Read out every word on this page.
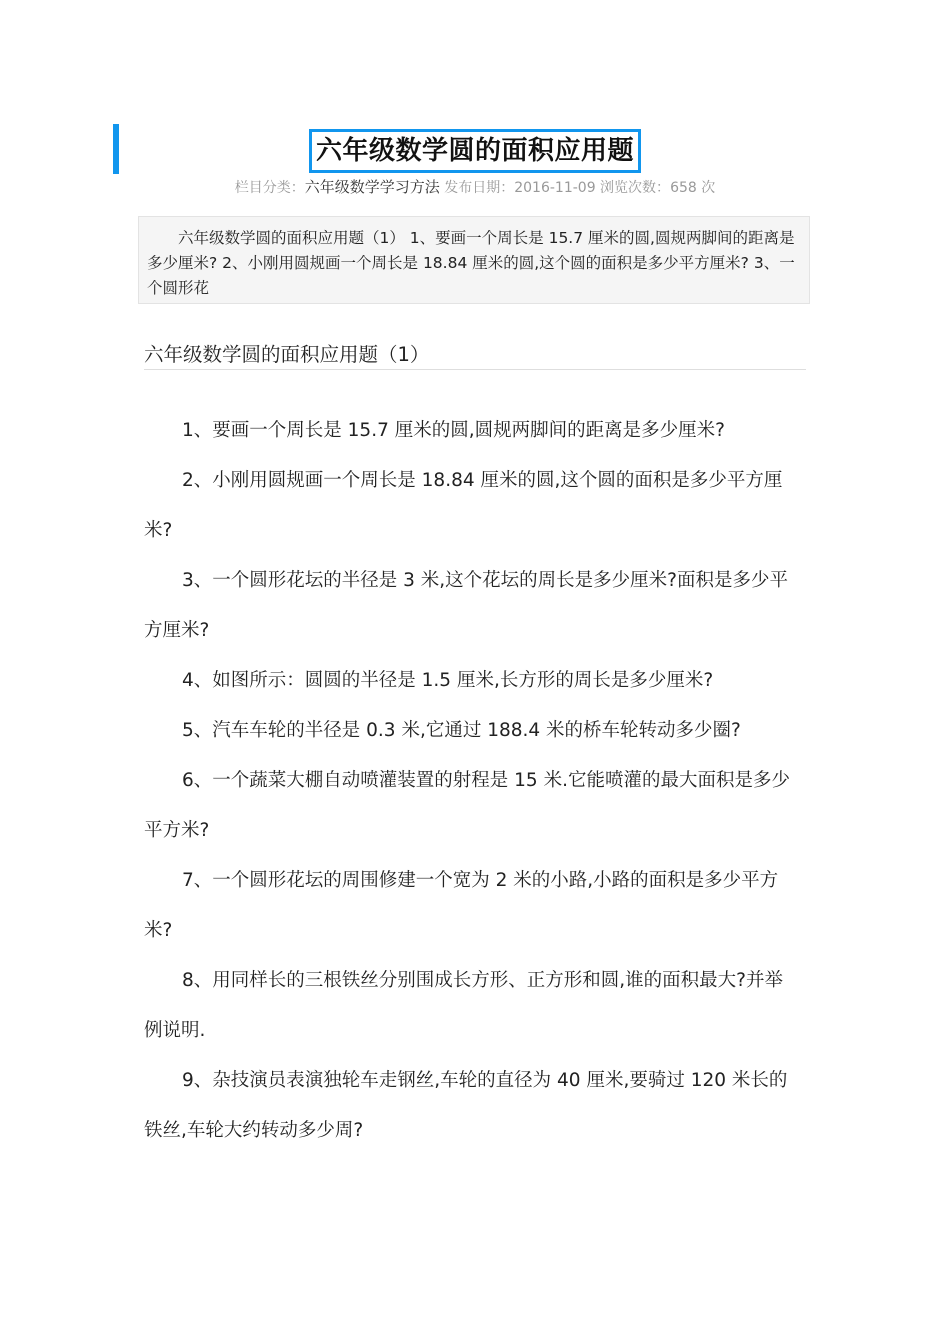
六年级数学圆的面积应用题
栏目分类：六年级数学学习方法 发布日期：2016-11-09 浏览次数：658 次
六年级数学圆的面积应用题（1） 1、要画一个周长是 15.7 厘米的圆,圆规两脚间的距离是多少厘米? 2、小刚用圆规画一个周长是 18.84 厘米的圆,这个圆的面积是多少平方厘米? 3、一个圆形花
六年级数学圆的面积应用题（1）
1、要画一个周长是 15.7 厘米的圆,圆规两脚间的距离是多少厘米?
2、小刚用圆规画一个周长是 18.84 厘米的圆,这个圆的面积是多少平方厘
米?
3、一个圆形花坛的半径是 3 米,这个花坛的周长是多少厘米?面积是多少平
方厘米?
4、如图所示：圆圆的半径是 1.5 厘米,长方形的周长是多少厘米?
5、汽车车轮的半径是 0.3 米,它通过 188.4 米的桥车轮转动多少圈?
6、一个蔬菜大棚自动喷灌装置的射程是 15 米.它能喷灌的最大面积是多少
平方米?
7、一个圆形花坛的周围修建一个宽为 2 米的小路,小路的面积是多少平方
米?
8、用同样长的三根铁丝分别围成长方形、正方形和圆,谁的面积最大?并举
例说明.
9、杂技演员表演独轮车走钢丝,车轮的直径为 40 厘米,要骑过 120 米长的
铁丝,车轮大约转动多少周?
